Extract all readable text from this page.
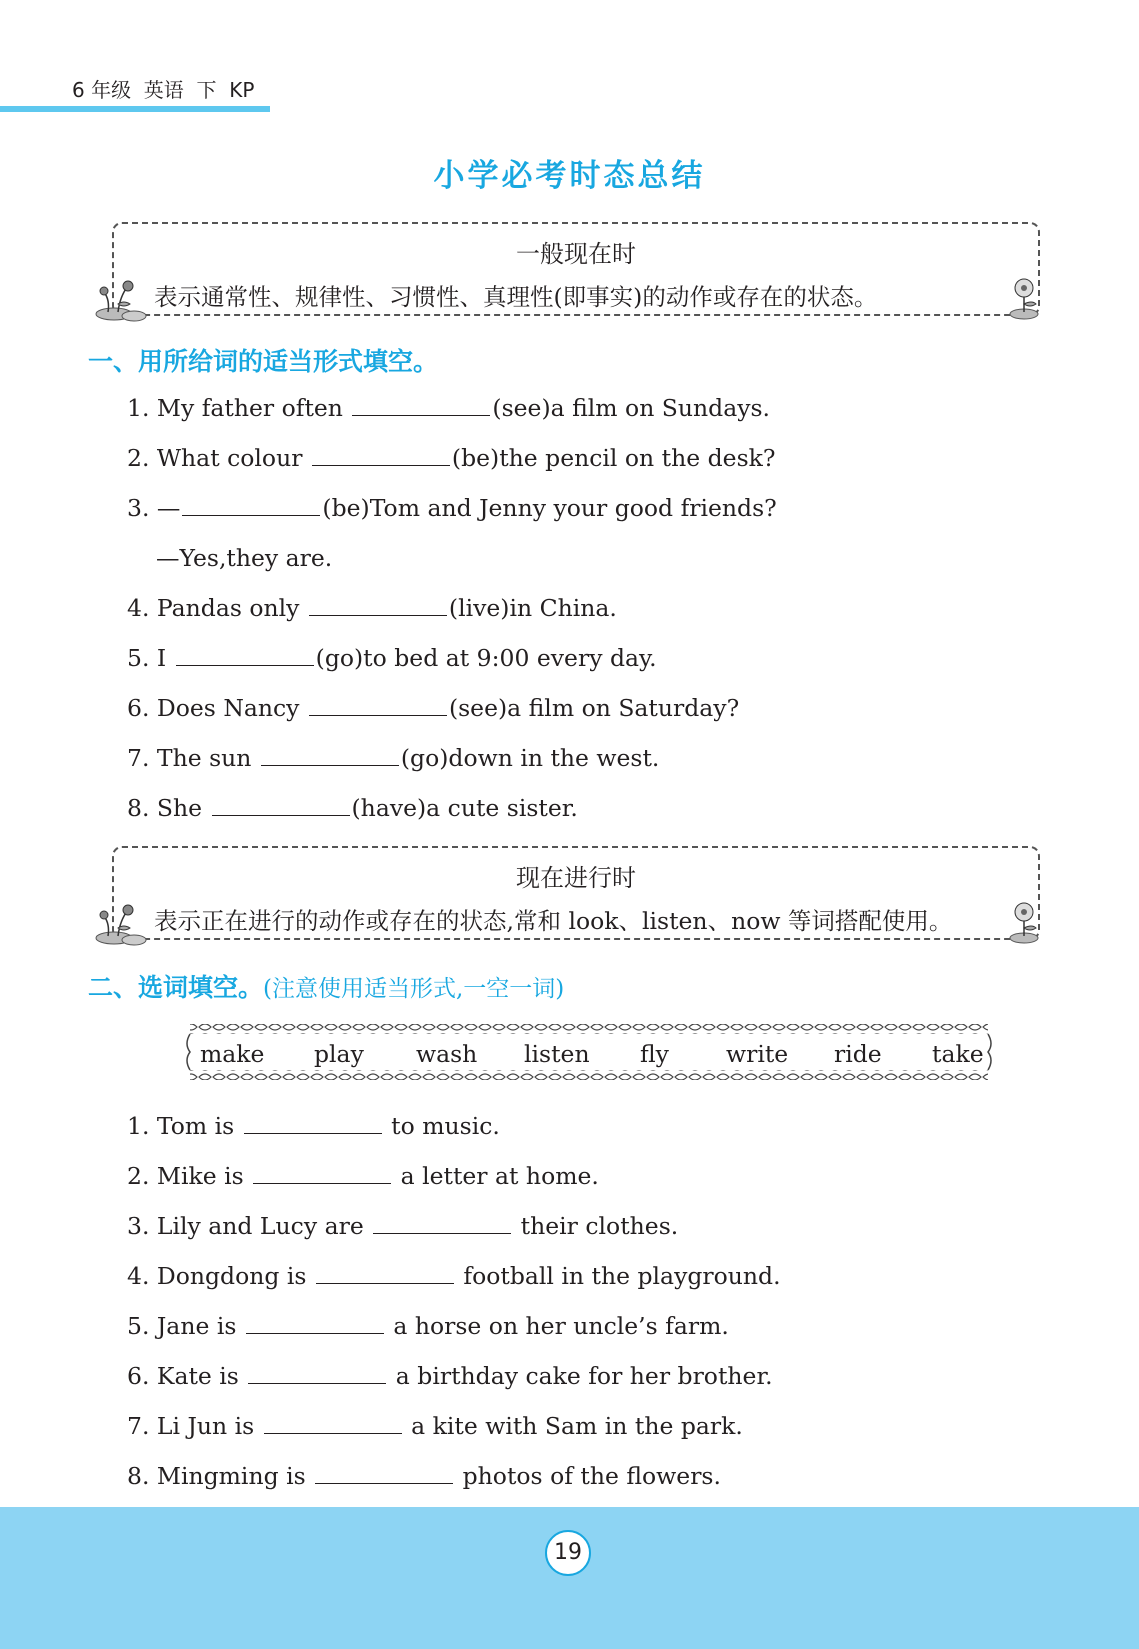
6 年级  英语  下  KP
小学必考时态总结
一般现在时
表示通常性、规律性、习惯性、真理性(即事实)的动作或存在的状态。
一、用所给词的适当形式填空。
1. My father often	(see)a film on Sundays.
2. What colour	(be)the pencil on the desk?
3. —	(be)Tom and Jenny your good friends?
—Yes,they are.
4. Pandas only	(live)in China.
5. I	(go)to bed at 9:00 every day.
6. Does Nancy	(see)a film on Saturday?
7. The sun	(go)down in the west.
8. She	(have)a cute sister.
现在进行时
表示正在进行的动作或存在的状态,常和 look、listen、now 等词搭配使用。
二、选词填空。(注意使用适当形式,一空一词)
make play wash listen fly write ride take
1. Tom is	to music.
2. Mike is	a letter at home.
3. Lily and Lucy are	their clothes.
4. Dongdong is	football in the playground.
5. Jane is	a horse on her uncle’s farm.
6. Kate is	a birthday cake for her brother.
7. Li Jun is	a kite with Sam in the park.
8. Mingming is	photos of the flowers.
19
